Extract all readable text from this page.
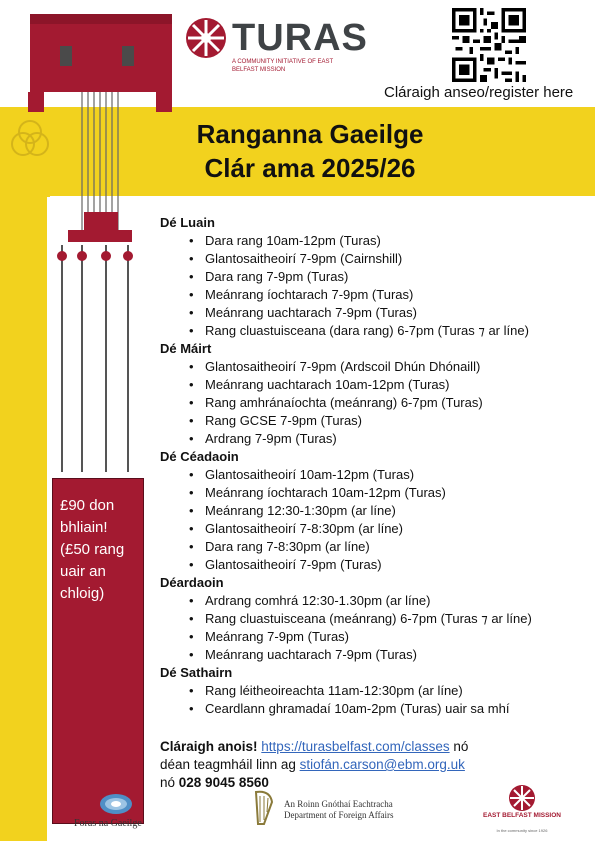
TURAS
A COMMUNITY INITIATIVE OF EAST BELFAST MISSION
Cláraigh anseo/register here
Ranganna Gaeilge
Clár ama 2025/26
£90 don bhliain! (£50 rang uair an chloig)

Dé Luain

• Dara rang 10am-12pm (Turas)
• Glantosaitheoirí 7-9pm (Cairnshill)
• Dara rang 7-9pm (Turas)
• Meánrang íochtarach 7-9pm (Turas)
• Meánrang uachtarach 7-9pm (Turas)
• Rang cluastuisceana (dara rang) 6-7pm (Turas ⁊ ar líne)

Dé Máirt

• Glantosaitheoirí 7-9pm (Ardscoil Dhún Dhónaill)
• Meánrang uachtarach 10am-12pm (Turas)
• Rang amhránaíochta (meánrang) 6-7pm (Turas)
• Rang GCSE 7-9pm (Turas)
• Ardrang 7-9pm (Turas)

Dé Céadaoin

• Glantosaitheoirí 10am-12pm (Turas)
• Meánrang íochtarach 10am-12pm (Turas)
• Meánrang 12:30-1:30pm (ar líne)
• Glantosaitheoirí 7-8:30pm (ar líne)
• Dara rang 7-8:30pm (ar líne)
• Glantosaitheoirí 7-9pm (Turas)

Déardaoin

• Ardrang comhrá 12:30-1.30pm (ar líne)
• Rang cluastuisceana (meánrang) 6-7pm (Turas ⁊ ar líne)
• Meánrang 7-9pm (Turas)
• Meánrang uachtarach 7-9pm (Turas)

Dé Sathairn

• Rang léitheoireachta 11am-12:30pm (ar líne)
• Ceardlann ghramadaí 10am-2pm (Turas) uair sa mhí
Cláraigh anois! https://turasbelfast.com/classes nó
déan teagmháil linn ag stiofán.carson@ebm.org.uk
nó 028 9045 8560
Foras na Gaeilge
An Roinn Gnóthaí Eachtracha
Department of Foreign Affairs	EAST BELFAST MISSION
In the community since 1926
